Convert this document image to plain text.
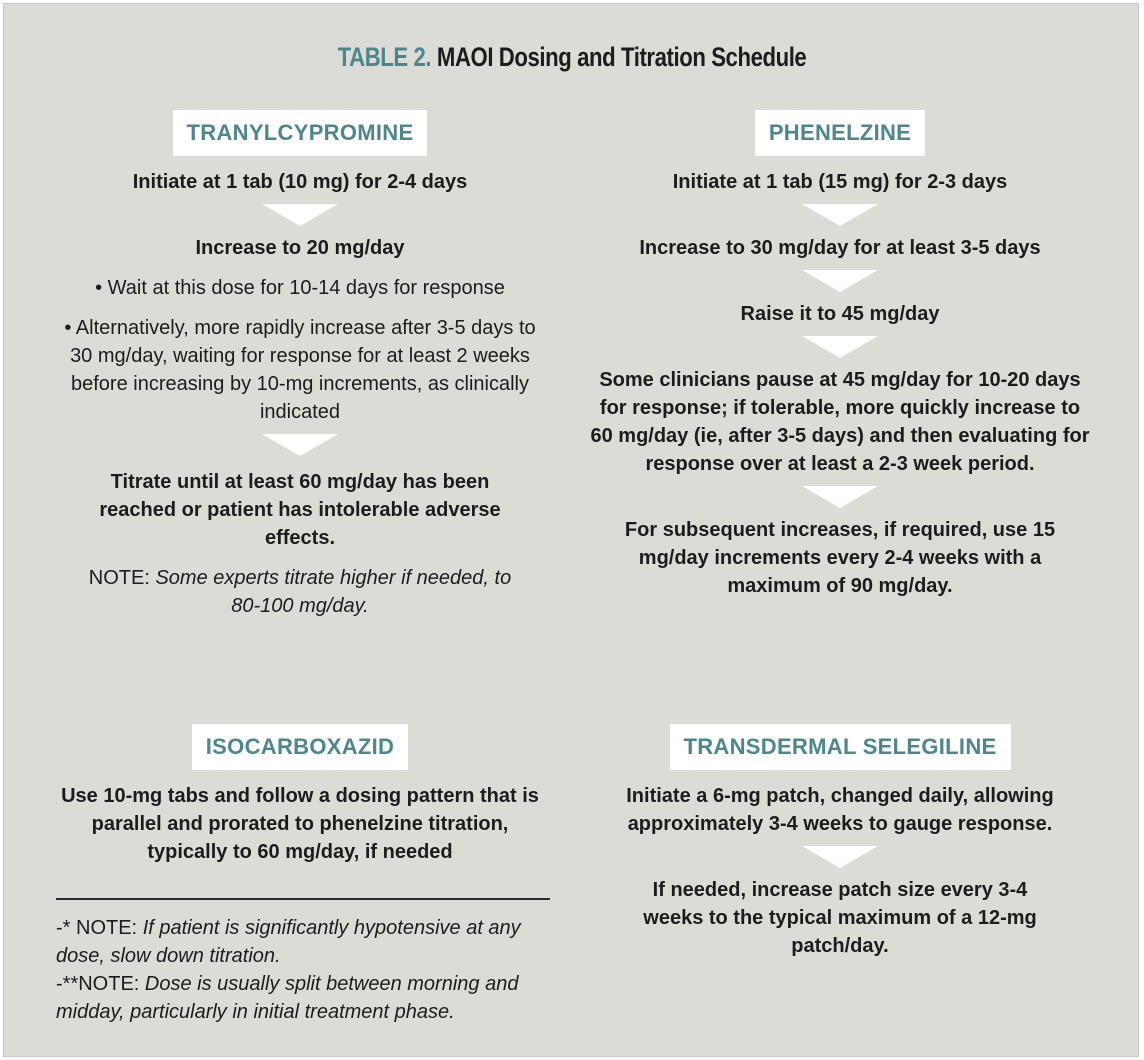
TABLE 2. MAOI Dosing and Titration Schedule
TRANYLCYPROMINE

Initiate at 1 tab (10 mg) for 2-4 days

Increase to 20 mg/day

• Wait at this dose for 10-14 days for response

• Alternatively, more rapidly increase after 3-5 days to 30 mg/day, waiting for response for at least 2 weeks before increasing by 10-mg increments, as clinically indicated

Titrate until at least 60 mg/day has been reached or patient has intolerable adverse effects.

NOTE: Some experts titrate higher if needed, to 80-100 mg/day.

PHENELZINE

Initiate at 1 tab (15 mg) for 2-3 days

Increase to 30 mg/day for at least 3-5 days

Raise it to 45 mg/day

Some clinicians pause at 45 mg/day for 10-20 days for response; if tolerable, more quickly increase to 60 mg/day (ie, after 3-5 days) and then evaluating for response over at least a 2-3 week period.

For subsequent increases, if required, use 15 mg/day increments every 2-4 weeks with a maximum of 90 mg/day.

ISOCARBOXAZID

Use 10-mg tabs and follow a dosing pattern that is parallel and prorated to phenelzine titration, typically to 60 mg/day, if needed

TRANSDERMAL SELEGILINE

Initiate a 6-mg patch, changed daily, allowing approximately 3-4 weeks to gauge response.

If needed, increase patch size every 3-4 weeks to the typical maximum of a 12-mg patch/day.

-* NOTE: If patient is significantly hypotensive at any dose, slow down titration.

-**NOTE: Dose is usually split between morning and midday, particularly in initial treatment phase.
